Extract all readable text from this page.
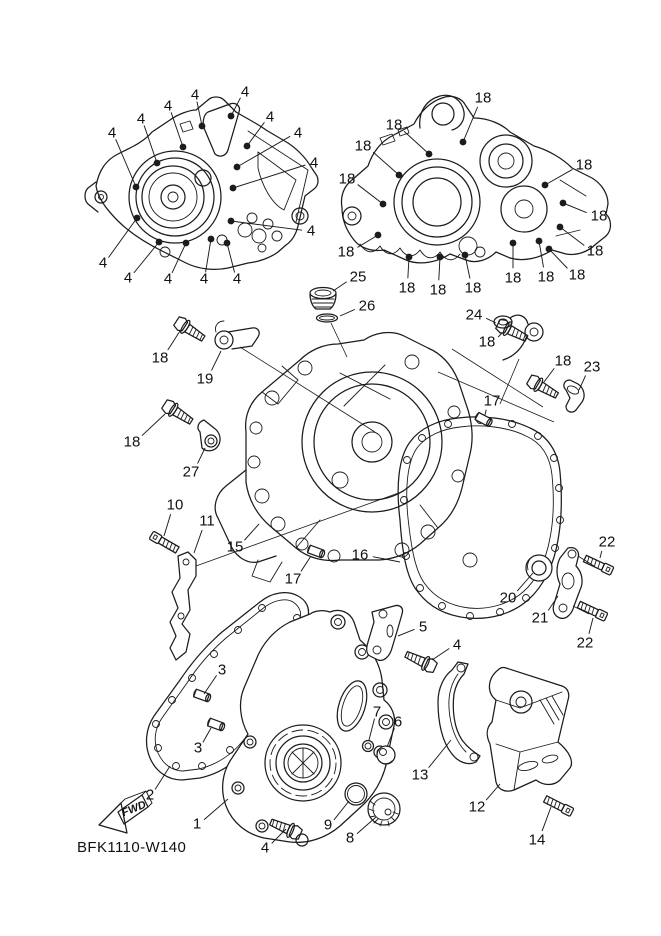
FWD
4	4
4
4
4
4
4
4
4
4
4 4 4 4
18
18
18
18
18
18
18	18
18 18 18
18 18 18
25
26
24
18
18 23
17
18
19
18
27
10
11
15
17
16
20
21
22
22
3
3
2
1
5
4
7
6
9
8
4
13
12
14
BFK1110-W140
